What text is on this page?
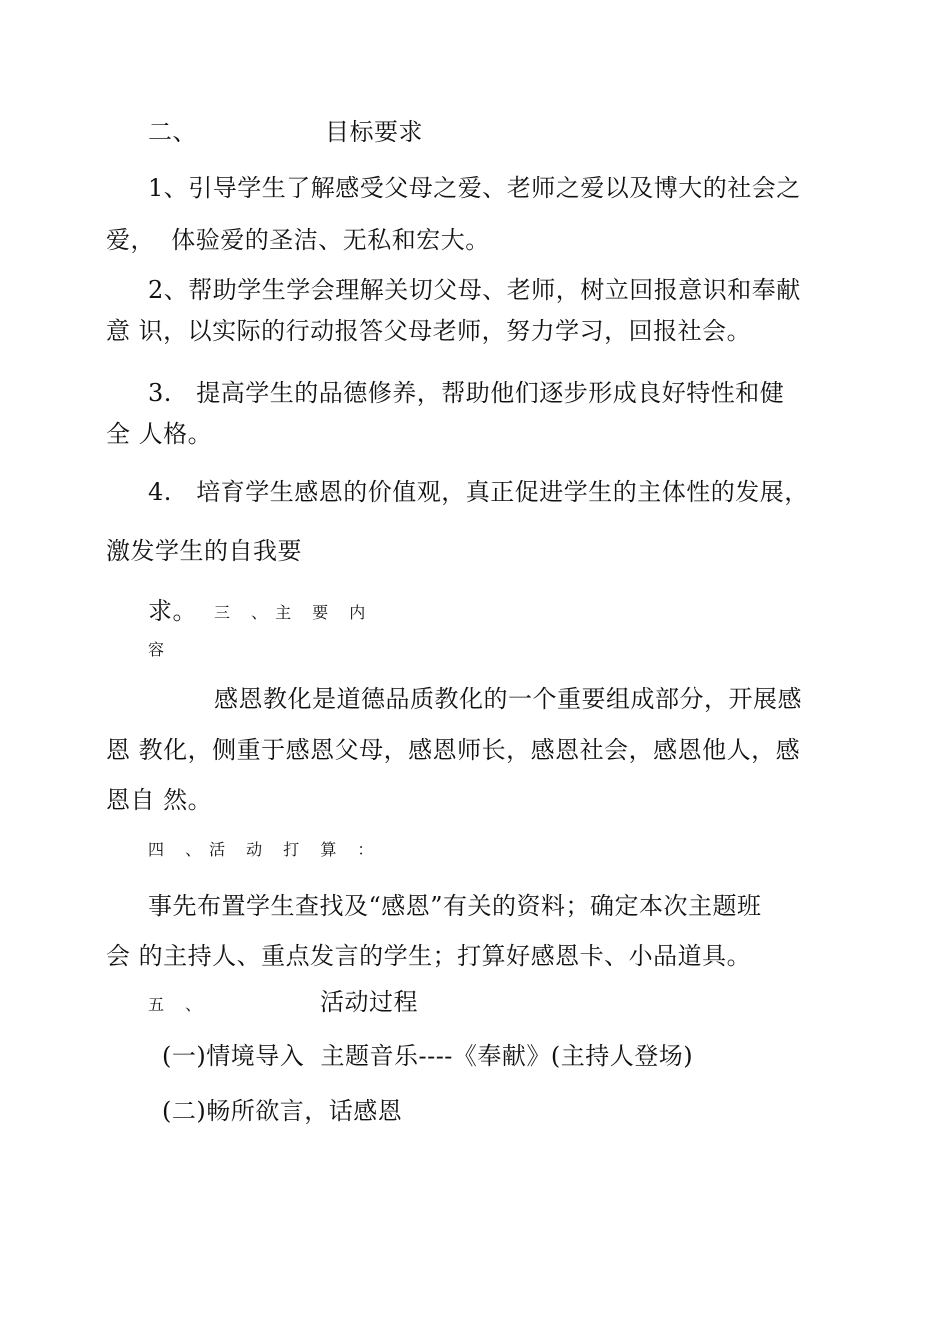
二、	目标要求
1、引导学生了解感受父母之爱、老师之爱以及博大的社会之
爱，  体验爱的圣洁、无私和宏大。
2、帮助学生学会理解关切父母、老师，树立回报意识和奉献
意 识，以实际的行动报答父母老师，努力学习，回报社会。
3.   提高学生的品德修养，帮助他们逐步形成良好特性和健
全 人格。
4.   培育学生感恩的价值观，真正促进学生的主体性的发展，
激发学生的自我要
求。 三 、主 要 内
容
感恩教化是道德品质教化的一个重要组成部分，开展感
恩 教化，侧重于感恩父母，感恩师长，感恩社会，感恩他人，感
恩自 然。
四 、活 动 打 算 ：
事先布置学生查找及“感恩”有关的资料；确定本次主题班
会 的主持人、重点发言的学生；打算好感恩卡、小品道具。
五 、	活动过程
(一)情境导入  主题音乐----《奉献》(主持人登场)
(二)畅所欲言，话感恩
